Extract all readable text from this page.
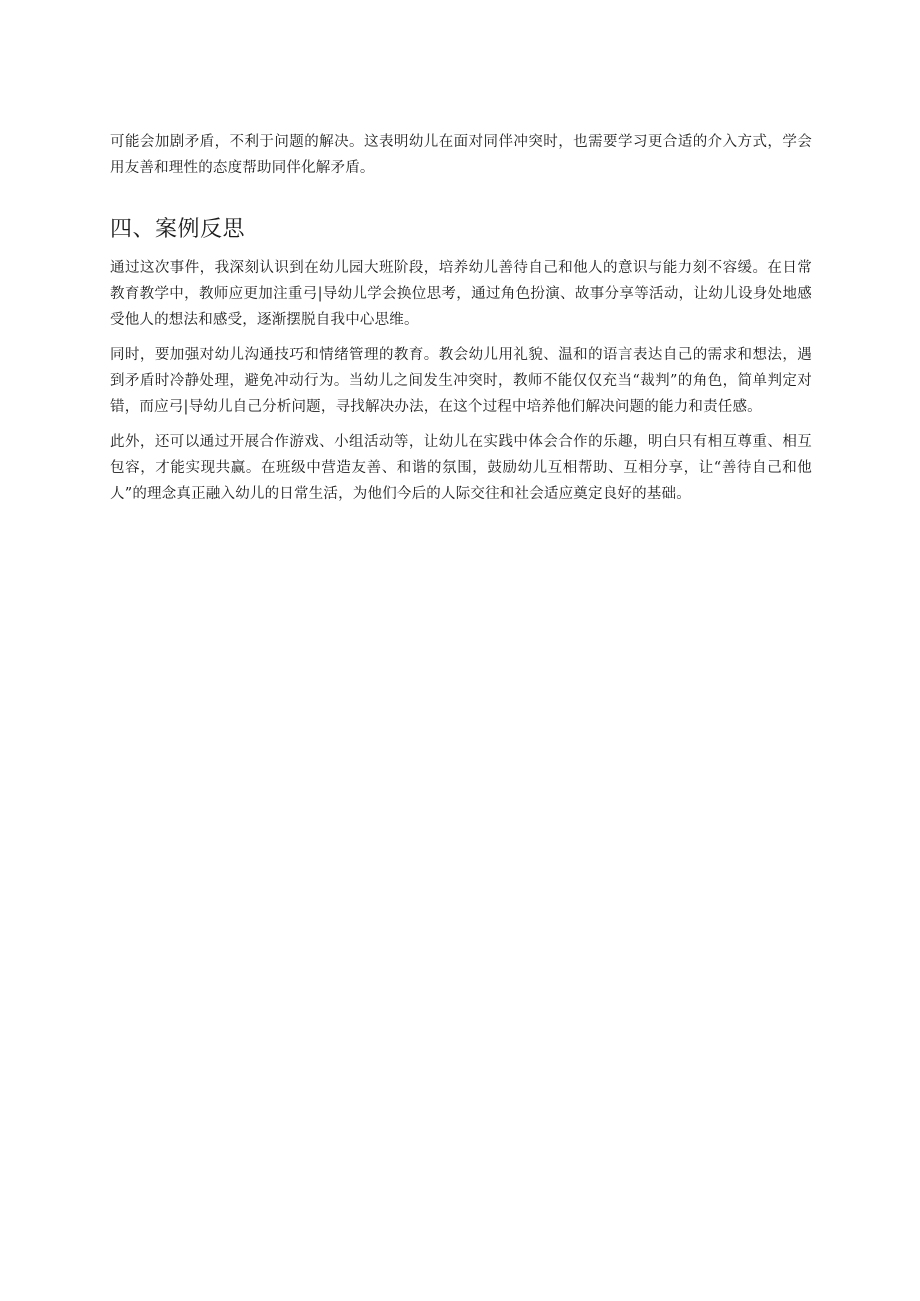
可能会加剧矛盾，不利于问题的解决。这表明幼儿在面对同伴冲突时，也需要学习更合适的介入方式，学会用友善和理性的态度帮助同伴化解矛盾。

四、案例反思

通过这次事件，我深刻认识到在幼儿园大班阶段，培养幼儿善待自己和他人的意识与能力刻不容缓。在日常教育教学中，教师应更加注重弓|导幼儿学会换位思考，通过角色扮演、故事分享等活动，让幼儿设身处地感受他人的想法和感受，逐渐摆脱自我中心思维。

同时，要加强对幼儿沟通技巧和情绪管理的教育。教会幼儿用礼貌、温和的语言表达自己的需求和想法，遇到矛盾时冷静处理，避免冲动行为。当幼儿之间发生冲突时，教师不能仅仅充当“裁判”的角色，简单判定对错，而应弓|导幼儿自己分析问题，寻找解决办法，在这个过程中培养他们解决问题的能力和责任感。

此外，还可以通过开展合作游戏、小组活动等，让幼儿在实践中体会合作的乐趣，明白只有相互尊重、相互包容，才能实现共赢。在班级中营造友善、和谐的氛围，鼓励幼儿互相帮助、互相分享，让“善待自己和他人”的理念真正融入幼儿的日常生活，为他们今后的人际交往和社会适应奠定良好的基础。
